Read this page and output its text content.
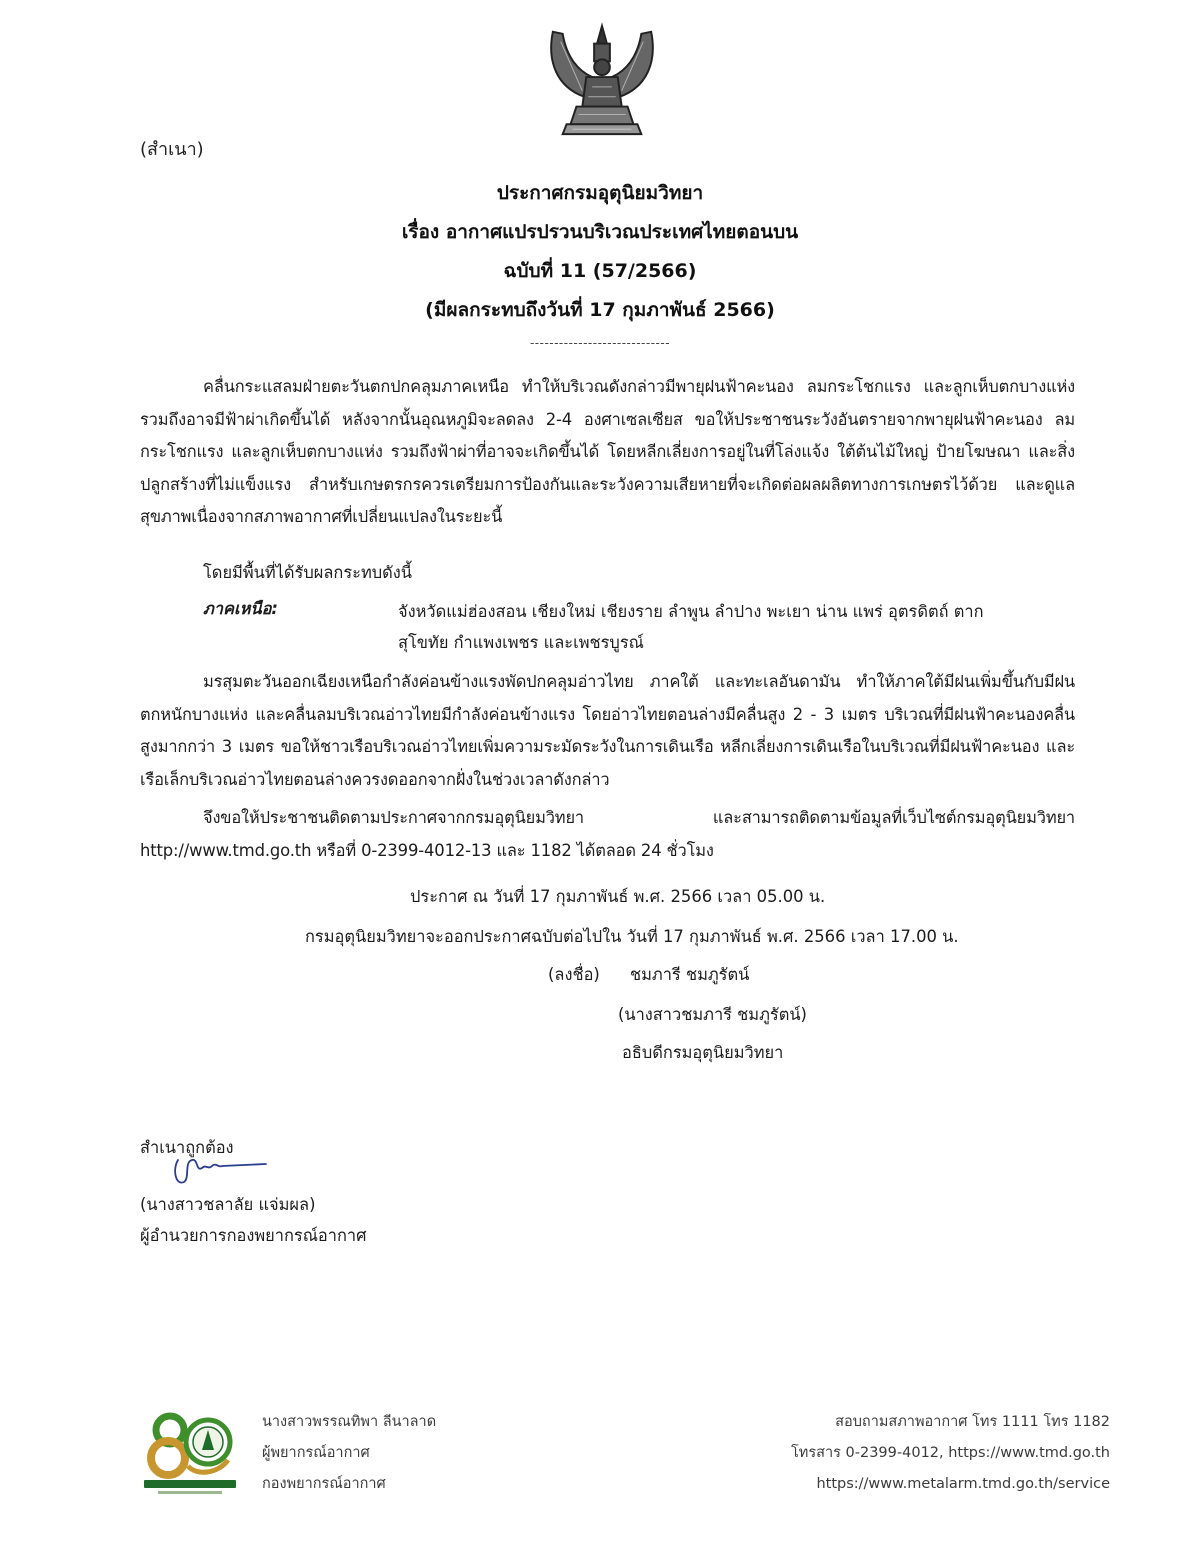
(สำเนา)
ประกาศกรมอุตุนิยมวิทยา
เรื่อง อากาศแปรปรวนบริเวณประเทศไทยตอนบน
ฉบับที่ 11 (57/2566)
(มีผลกระทบถึงวันที่ 17 กุมภาพันธ์ 2566)
-----------------------------
คลื่นกระแสลมฝ่ายตะวันตกปกคลุมภาคเหนือ ทำให้บริเวณดังกล่าวมีพายุฝนฟ้าคะนอง ลมกระโชกแรง และลูกเห็บตกบางแห่ง รวมถึงอาจมีฟ้าผ่าเกิดขึ้นได้ หลังจากนั้นอุณหภูมิจะลดลง 2-4 องศาเซลเซียส ขอให้ประชาชนระวังอันตรายจากพายุฝนฟ้าคะนอง ลมกระโชกแรง และลูกเห็บตกบางแห่ง รวมถึงฟ้าผ่าที่อาจจะเกิดขึ้นได้ โดยหลีกเลี่ยงการอยู่ในที่โล่งแจ้ง ใต้ต้นไม้ใหญ่ ป้ายโฆษณา และสิ่งปลูกสร้างที่ไม่แข็งแรง สำหรับเกษตรกรควรเตรียมการป้องกันและระวังความเสียหายที่จะเกิดต่อผลผลิตทางการเกษตรไว้ด้วย และดูแลสุขภาพเนื่องจากสภาพอากาศที่เปลี่ยนแปลงในระยะนี้
โดยมีพื้นที่ได้รับผลกระทบดังนี้
ภาคเหนือ:	จังหวัดแม่ฮ่องสอน เชียงใหม่ เชียงราย ลำพูน ลำปาง พะเยา น่าน แพร่ อุตรดิตถ์ ตาก
สุโขทัย กำแพงเพชร และเพชรบูรณ์
มรสุมตะวันออกเฉียงเหนือกำลังค่อนข้างแรงพัดปกคลุมอ่าวไทย ภาคใต้ และทะเลอันดามัน ทำให้ภาคใต้มีฝนเพิ่มขึ้นกับมีฝนตกหนักบางแห่ง และคลื่นลมบริเวณอ่าวไทยมีกำลังค่อนข้างแรง โดยอ่าวไทยตอนล่างมีคลื่นสูง 2 - 3 เมตร บริเวณที่มีฝนฟ้าคะนองคลื่นสูงมากกว่า 3 เมตร ขอให้ชาวเรือบริเวณอ่าวไทยเพิ่มความระมัดระวังในการเดินเรือ หลีกเลี่ยงการเดินเรือในบริเวณที่มีฝนฟ้าคะนอง และเรือเล็กบริเวณอ่าวไทยตอนล่างควรงดออกจากฝั่งในช่วงเวลาดังกล่าว
จึงขอให้ประชาชนติดตามประกาศจากกรมอุตุนิยมวิทยา และสามารถติดตามข้อมูลที่เว็บไซต์กรมอุตุนิยมวิทยา http://www.tmd.go.th หรือที่ 0-2399-4012-13 และ 1182 ได้ตลอด 24 ชั่วโมง
ประกาศ ณ วันที่ 17 กุมภาพันธ์ พ.ศ. 2566 เวลา 05.00 น.
กรมอุตุนิยมวิทยาจะออกประกาศฉบับต่อไปใน วันที่ 17 กุมภาพันธ์ พ.ศ. 2566 เวลา 17.00 น.
(ลงชื่อ) ชมภารี ชมภูรัตน์
(นางสาวชมภารี ชมภูรัตน์)
อธิบดีกรมอุตุนิยมวิทยา
สำเนาถูกต้อง
(นางสาวชลาลัย แจ่มผล)
ผู้อำนวยการกองพยากรณ์อากาศ
นางสาวพรรณทิพา ลีนาลาด
ผู้พยากรณ์อากาศ
กองพยากรณ์อากาศ
สอบถามสภาพอากาศ โทร 1111 โทร 1182
โทรสาร 0-2399-4012, https://www.tmd.go.th
https://www.metalarm.tmd.go.th/service
